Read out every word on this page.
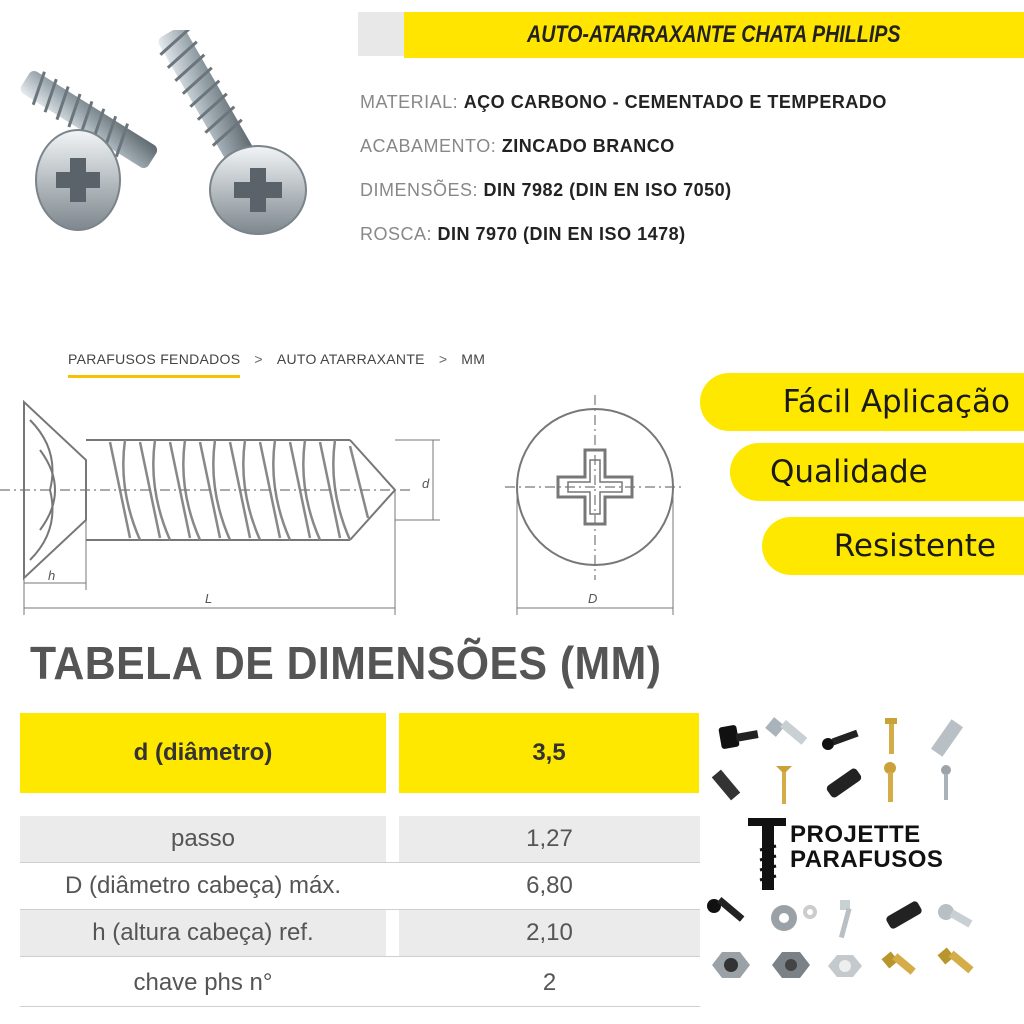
AUTO-ATARRAXANTE CHATA PHILLIPS
MATERIAL: AÇO CARBONO - CEMENTADO E TEMPERADO
ACABAMENTO: ZINCADO BRANCO
DIMENSÕES: DIN 7982 (DIN EN ISO 7050)
ROSCA: DIN 7970 (DIN EN ISO 1478)
PARAFUSOS FENDADOS > AUTO ATARRAXANTE > MM
d
h
L	D
Fácil Aplicação
Qualidade
Resistente
TABELA DE DIMENSÕES (MM)
d (diâmetro)	3,5
passo	1,27
D (diâmetro cabeça) máx.	6,80
h (altura cabeça) ref.	2,10
chave phs n°	2
PROJETTE
PARAFUSOS
